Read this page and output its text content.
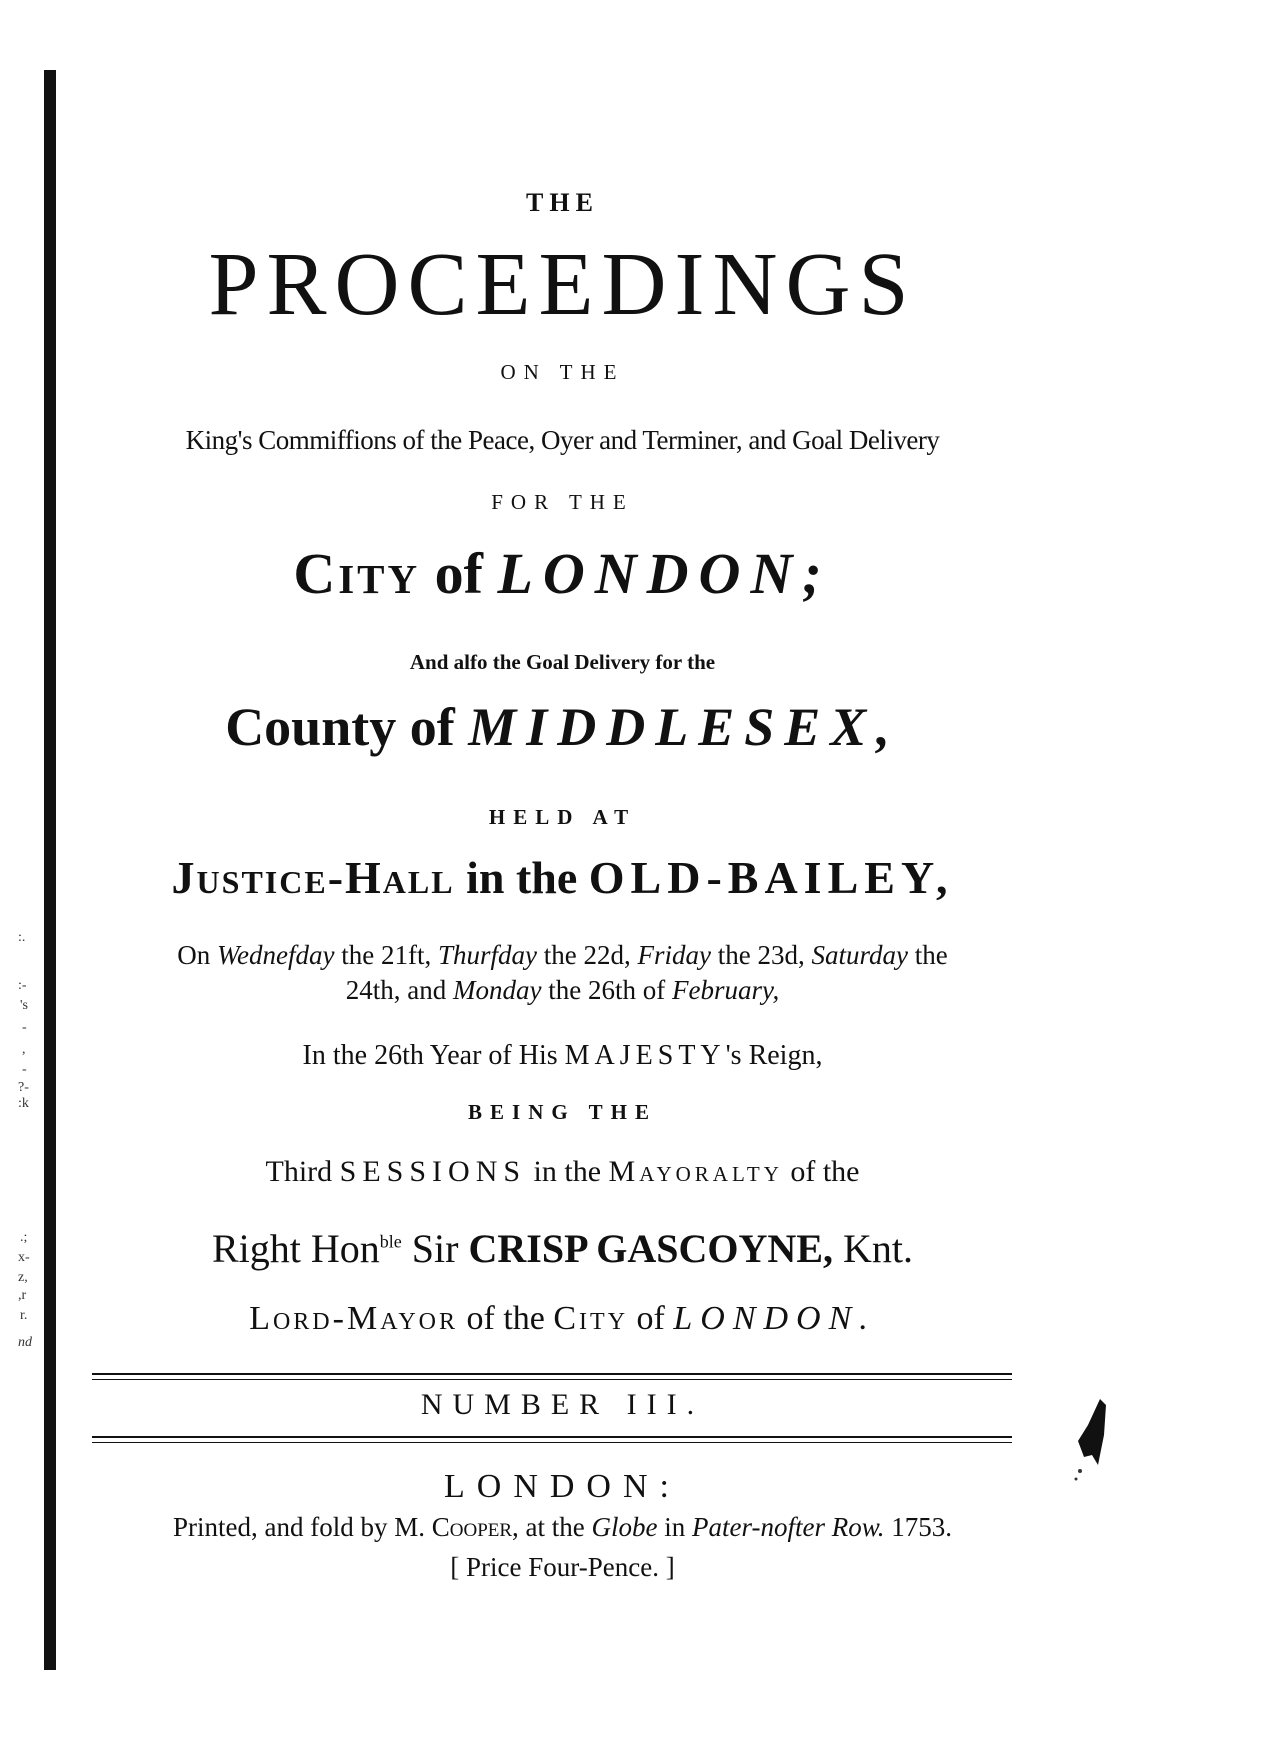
:.
:-
's
-
,
-
?-
:k
.;
x-
z,
,r
r.
nd
THE
PROCEEDINGS
ON THE
King's Commiffions of the Peace, Oyer and Terminer, and Goal Delivery
FOR THE
City of LONDON;
And alfo the Goal Delivery for the
County of MIDDLESEX,
HELD AT
Justice-Hall in the OLD-BAILEY,
On Wednefday the 21ft, Thurfday the 22d, Friday the 23d, Saturday the
24th, and Monday the 26th of February,
In the 26th Year of His MAJESTY's Reign,
BEING THE
Third SESSIONS in the Mayoralty of the
Right Hon$^{ble}$ Sir CRISP GASCOYNE, Knt.
Lord-Mayor of the City of LONDON.
NUMBER III.
LONDON:
Printed, and fold by M. Cooper, at the Globe in Pater-nofter Row. 1753.
[ Price Four-Pence. ]
